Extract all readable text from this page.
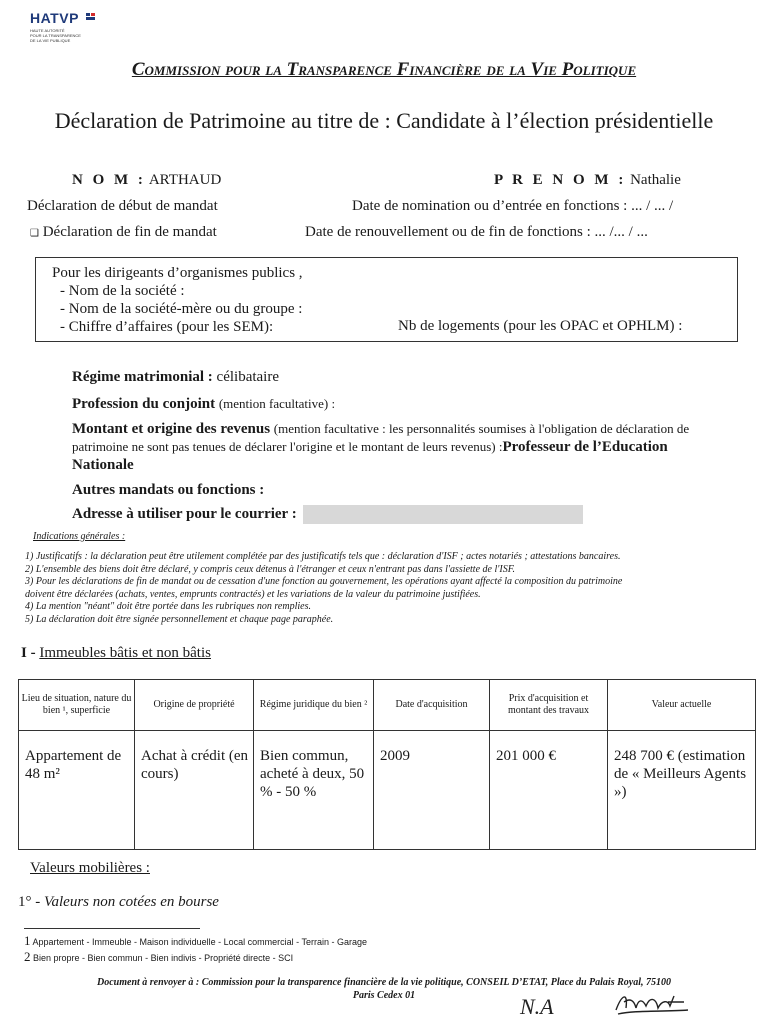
HATVP
HAUTE AUTORITÉ
POUR LA TRANSPARENCE
DE LA VIE PUBLIQUE
Commission pour la Transparence Financière de la Vie Politique
Déclaration de Patrimoine au titre de : Candidate à l’élection présidentielle
N O M : ARTHAUD	P R E N O M : Nathalie
Déclaration de début de mandat	Date de nomination ou d’entrée en fonctions : ... / ... /
❑ Déclaration de fin de mandat	Date de renouvellement ou de fin de fonctions : ... /... / ...
Pour les dirigeants d’organismes publics ,
- Nom de la société :
- Nom de la société-mère ou du groupe :
- Chiffre d’affaires (pour les SEM):	Nb de logements (pour les OPAC et OPHLM) :
Régime matrimonial : célibataire
Profession du conjoint (mention facultative) :
Montant et origine des revenus (mention facultative : les personnalités soumises à l'obligation de déclaration de patrimoine ne sont pas tenues de déclarer l'origine et le montant de leurs revenus) :Professeur de l’Education Nationale
Autres mandats ou fonctions :
Adresse à utiliser pour le courrier :
Indications générales :
1) Justificatifs : la déclaration peut être utilement complétée par des justificatifs tels que : déclaration d'ISF ; actes notariés ; attestations bancaires.
2) L'ensemble des biens doit être déclaré, y compris ceux détenus à l'étranger et ceux n'entrant pas dans l'assiette de l'ISF.
3) Pour les déclarations de fin de mandat ou de cessation d'une fonction au gouvernement, les opérations ayant affecté la composition du patrimoine
doivent être déclarées (achats, ventes, emprunts contractés) et les variations de la valeur du patrimoine justifiées.
4) La mention "néant" doit être portée dans les rubriques non remplies.
5) La déclaration doit être signée personnellement et chaque page paraphée.
I - Immeubles bâtis et non bâtis
Lieu de situation, nature du bien ¹, superficie	Origine de propriété	Régime juridique du bien ²	Date d'acquisition	Prix d'acquisition et montant des travaux	Valeur actuelle
Appartement de 48 m²	Achat à crédit (en cours)	Bien commun, acheté à deux, 50 % - 50 %	2009	201 000 €	248 700 € (estimation de « Meilleurs Agents »)
Valeurs mobilières :
1° - Valeurs non cotées en bourse
1 Appartement - Immeuble - Maison individuelle - Local commercial - Terrain - Garage
2 Bien propre - Bien commun - Bien indivis - Propriété directe - SCI
Document à renvoyer à : Commission pour la transparence financière de la vie politique, CONSEIL D’ETAT, Place du Palais Royal, 75100
Paris Cedex 01	N.A
